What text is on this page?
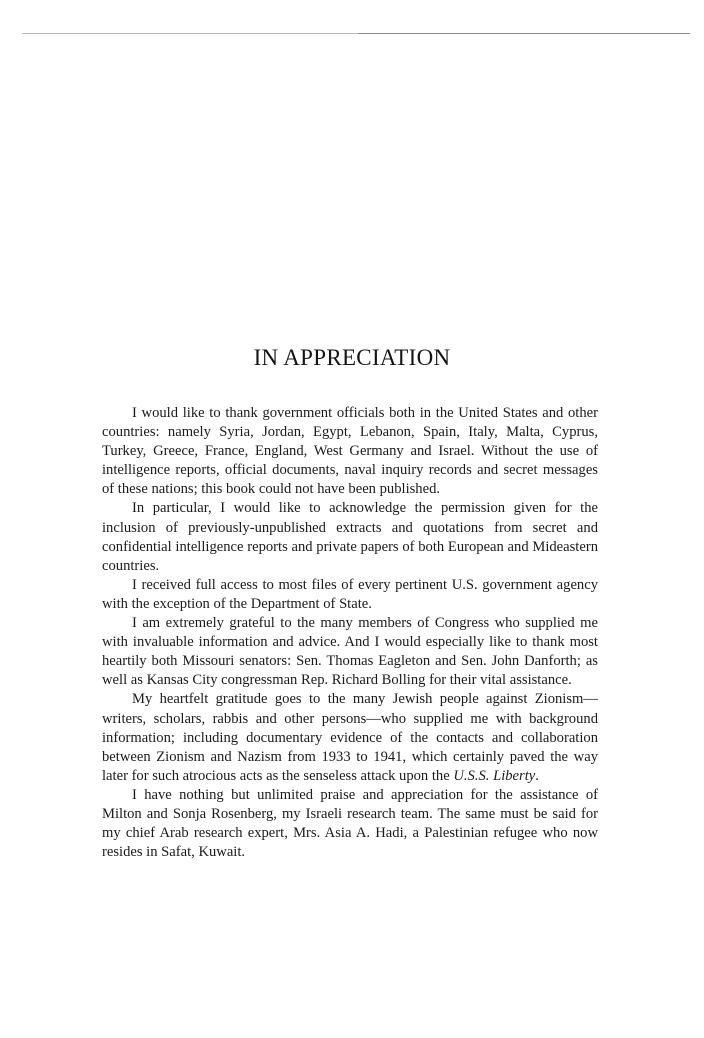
IN APPRECIATION

I would like to thank government officials both in the United States and other countries: namely Syria, Jordan, Egypt, Lebanon, Spain, Italy, Malta, Cyprus, Turkey, Greece, France, England, West Germany and Israel. Without the use of intelligence reports, official documents, naval inquiry records and secret messages of these nations; this book could not have been published.

In particular, I would like to acknowledge the permission given for the inclusion of previously-unpublished extracts and quotations from secret and confidential intelligence reports and private papers of both European and Mideastern countries.

I received full access to most files of every pertinent U.S. government agency with the exception of the Department of State.

I am extremely grateful to the many members of Congress who supplied me with invaluable information and advice. And I would especially like to thank most heartily both Missouri senators: Sen. Thomas Eagleton and Sen. John Danforth; as well as Kansas City congressman Rep. Richard Bolling for their vital assistance.

My heartfelt gratitude goes to the many Jewish people against Zionism—writers, scholars, rabbis and other persons—who supplied me with background information; including documentary evidence of the contacts and collaboration between Zionism and Nazism from 1933 to 1941, which certainly paved the way later for such atrocious acts as the senseless attack upon the U.S.S. Liberty.

I have nothing but unlimited praise and appreciation for the assistance of Milton and Sonja Rosenberg, my Israeli research team. The same must be said for my chief Arab research expert, Mrs. Asia A. Hadi, a Palestinian refugee who now resides in Safat, Kuwait.
